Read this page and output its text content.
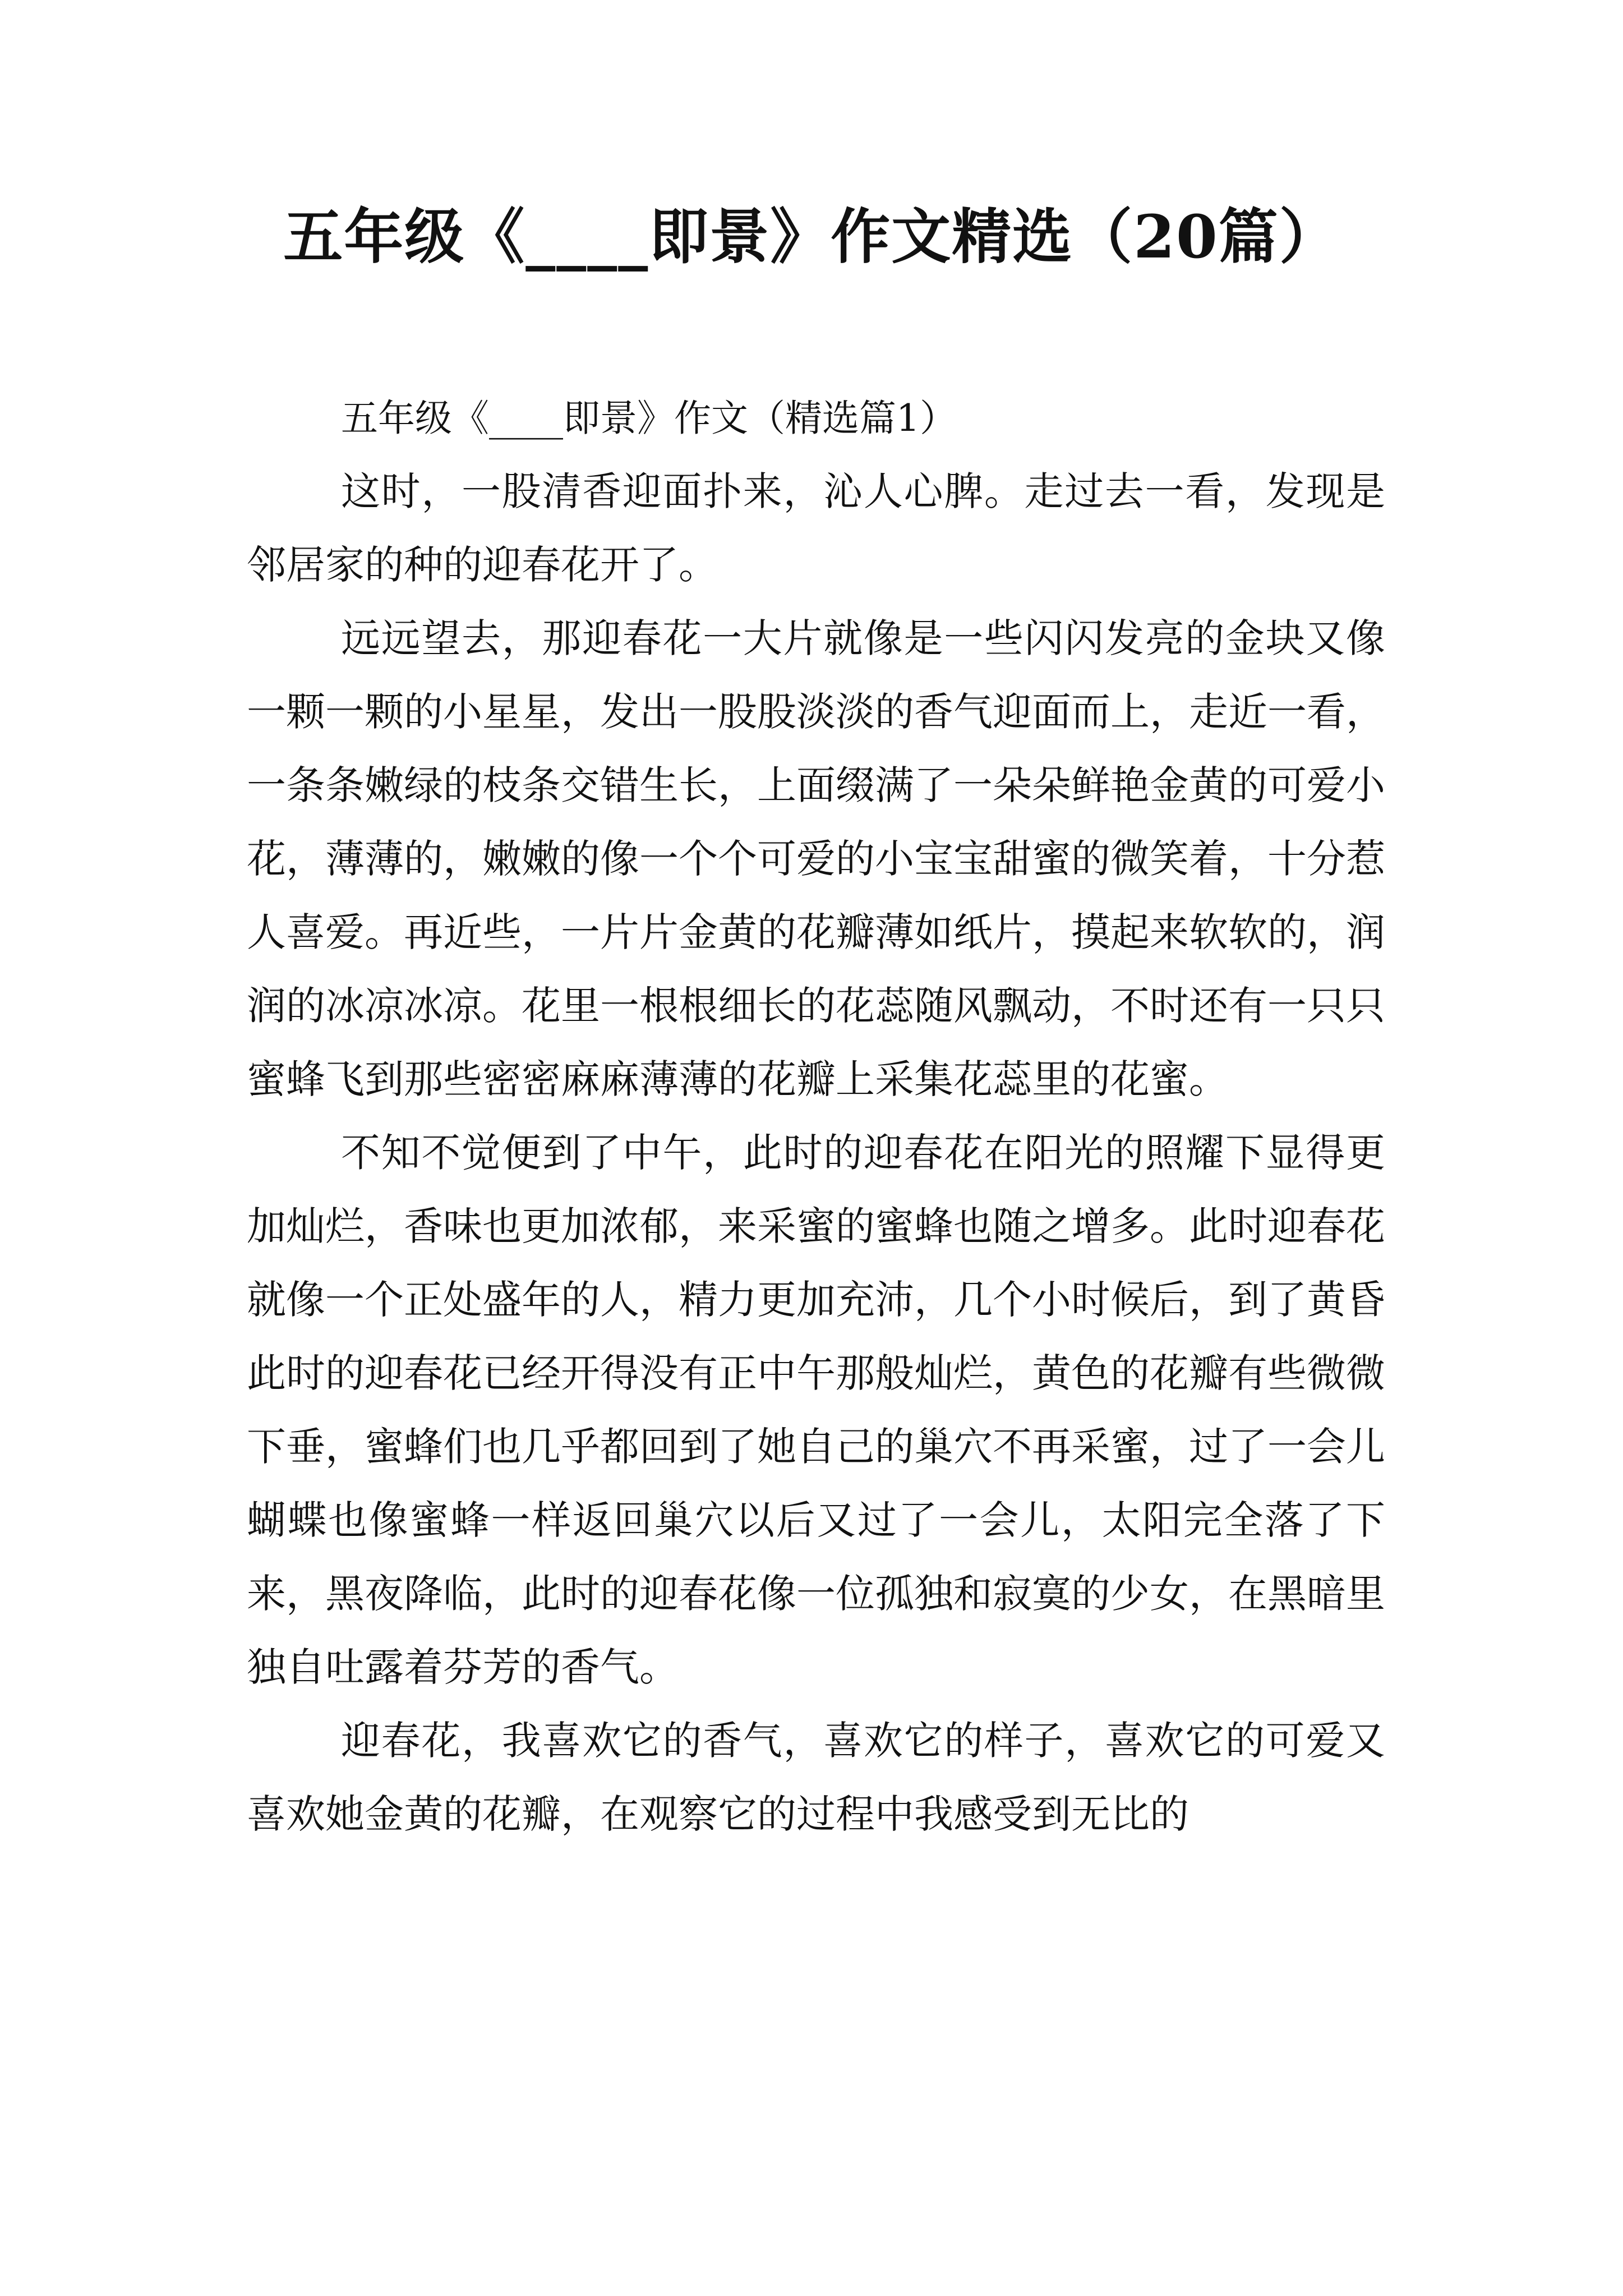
五年级《____即景》作文精选（20篇）

五年级《____即景》作文（精选篇1）

这时，一股清香迎面扑来，沁人心脾。走过去一看，发现是邻居家的种的迎春花开了。

远远望去，那迎春花一大片就像是一些闪闪发亮的金块又像一颗一颗的小星星，发出一股股淡淡的香气迎面而上，走近一看，一条条嫩绿的枝条交错生长，上面缀满了一朵朵鲜艳金黄的可爱小花，薄薄的，嫩嫩的像一个个可爱的小宝宝甜蜜的微笑着，十分惹人喜爱。再近些，一片片金黄的花瓣薄如纸片，摸起来软软的，润润的冰凉冰凉。花里一根根细长的花蕊随风飘动，不时还有一只只蜜蜂飞到那些密密麻麻薄薄的花瓣上采集花蕊里的花蜜。

不知不觉便到了中午，此时的迎春花在阳光的照耀下显得更加灿烂，香味也更加浓郁，来采蜜的蜜蜂也随之增多。此时迎春花就像一个正处盛年的人，精力更加充沛，几个小时候后，到了黄昏此时的迎春花已经开得没有正中午那般灿烂，黄色的花瓣有些微微下垂，蜜蜂们也几乎都回到了她自己的巢穴不再采蜜，过了一会儿蝴蝶也像蜜蜂一样返回巢穴以后又过了一会儿，太阳完全落了下来，黑夜降临，此时的迎春花像一位孤独和寂寞的少女，在黑暗里独自吐露着芬芳的香气。

迎春花，我喜欢它的香气，喜欢它的样子，喜欢它的可爱又喜欢她金黄的花瓣，在观察它的过程中我感受到无比的
